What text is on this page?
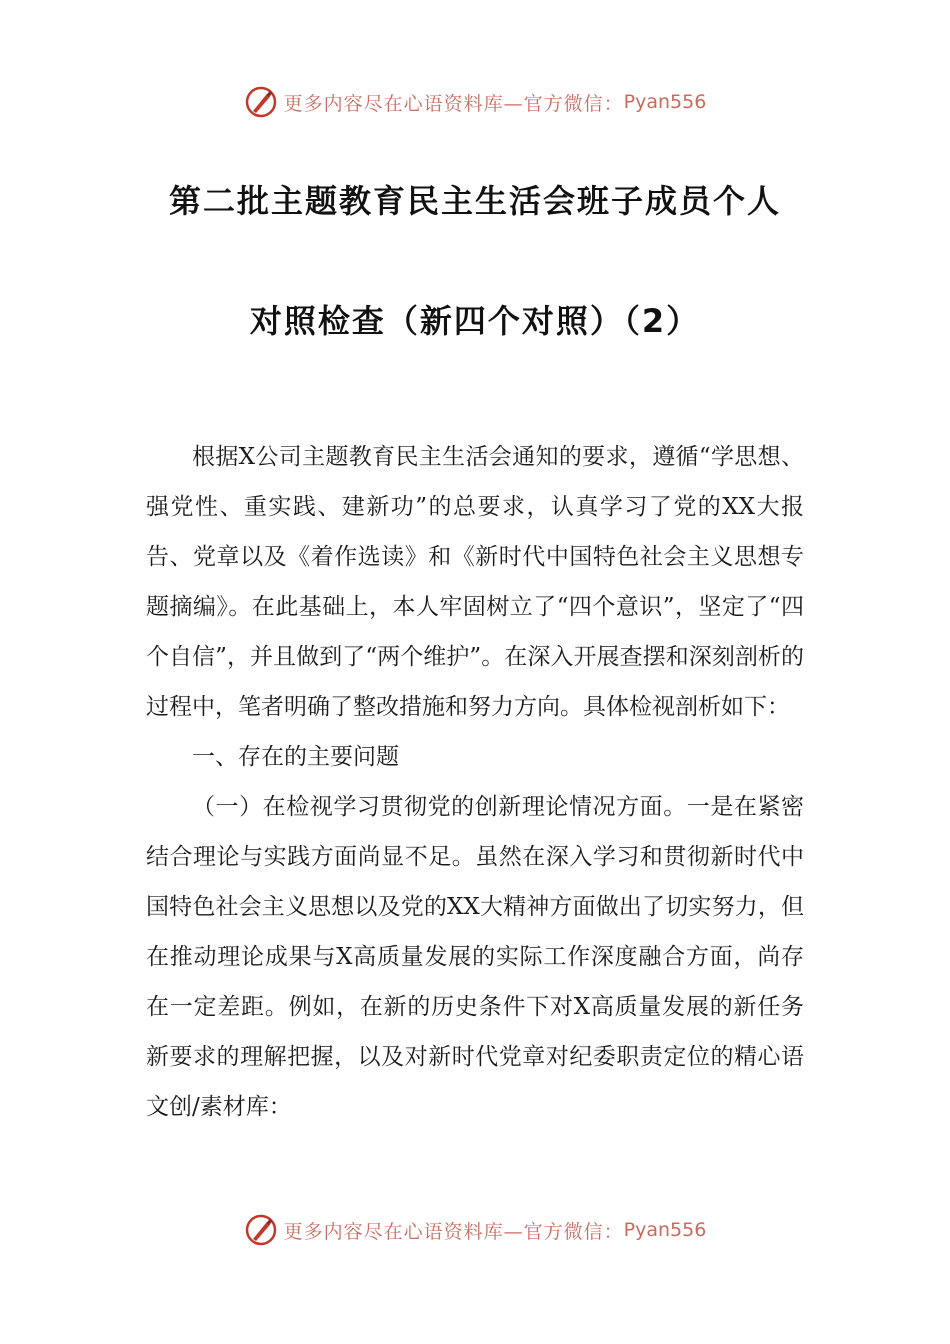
更多内容尽在心语资料库—官方微信： Pyan556
第二批主题教育民主生活会班子成员个人
对照检查（新四个对照）（2）

根据X公司主题教育民主生活会通知的要求，遵循“学思想、强党性、重实践、建新功”的总要求，认真学习了党的XX大报告、党章以及《着作选读》和《新时代中国特色社会主义思想专题摘编》。在此基础上，本人牢固树立了“四个意识”，坚定了“四个自信”，并且做到了“两个维护”。在深入开展查摆和深刻剖析的过程中，笔者明确了整改措施和努力方向。具体检视剖析如下：

一、存在的主要问题

（一）在检视学习贯彻党的创新理论情况方面。一是在紧密结合理论与实践方面尚显不足。虽然在深入学习和贯彻新时代中国特色社会主义思想以及党的XX大精神方面做出了切实努力，但在推动理论成果与X高质量发展的实际工作深度融合方面，尚存在一定差距。例如，在新的历史条件下对X高质量发展的新任务新要求的理解把握，以及对新时代党章对纪委职责定位的精心语文创/素材库：

更多内容尽在心语资料库—官方微信： Pyan556
